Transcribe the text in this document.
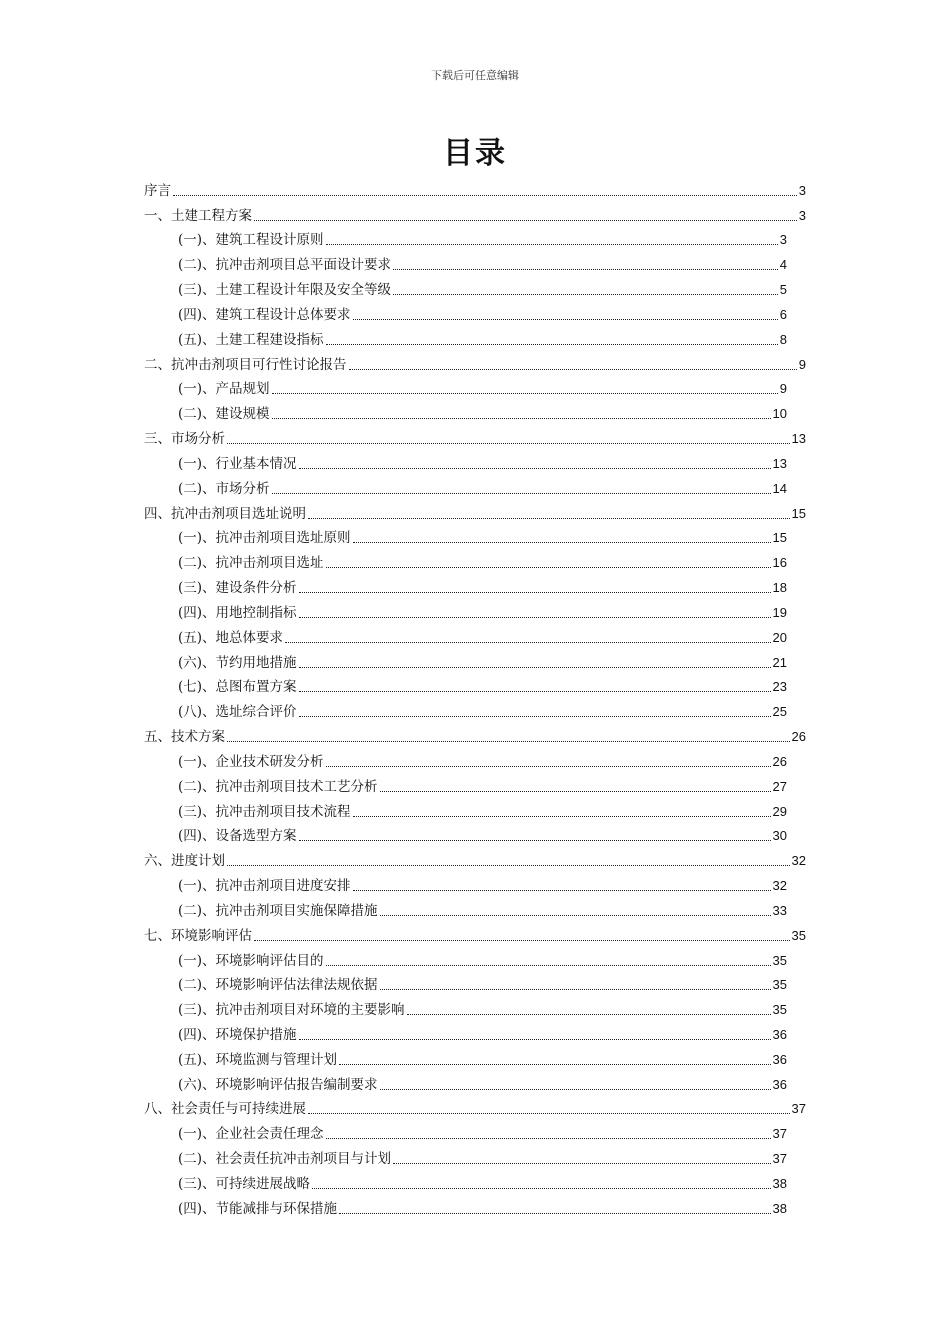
下载后可任意编辑
目录
序言	3
一、土建工程方案	3
(一)、建筑工程设计原则	3
(二)、抗冲击剂项目总平面设计要求	4
(三)、土建工程设计年限及安全等级	5
(四)、建筑工程设计总体要求	6
(五)、土建工程建设指标	8
二、抗冲击剂项目可行性讨论报告	9
(一)、产品规划	9
(二)、建设规模	10
三、市场分析	13
(一)、行业基本情况	13
(二)、市场分析	14
四、抗冲击剂项目选址说明	15
(一)、抗冲击剂项目选址原则	15
(二)、抗冲击剂项目选址	16
(三)、建设条件分析	18
(四)、用地控制指标	19
(五)、地总体要求	20
(六)、节约用地措施	21
(七)、总图布置方案	23
(八)、选址综合评价	25
五、技术方案	26
(一)、企业技术研发分析	26
(二)、抗冲击剂项目技术工艺分析	27
(三)、抗冲击剂项目技术流程	29
(四)、设备选型方案	30
六、进度计划	32
(一)、抗冲击剂项目进度安排	32
(二)、抗冲击剂项目实施保障措施	33
七、环境影响评估	35
(一)、环境影响评估目的	35
(二)、环境影响评估法律法规依据	35
(三)、抗冲击剂项目对环境的主要影响	35
(四)、环境保护措施	36
(五)、环境监测与管理计划	36
(六)、环境影响评估报告编制要求	36
八、社会责任与可持续进展	37
(一)、企业社会责任理念	37
(二)、社会责任抗冲击剂项目与计划	37
(三)、可持续进展战略	38
(四)、节能减排与环保措施	38
